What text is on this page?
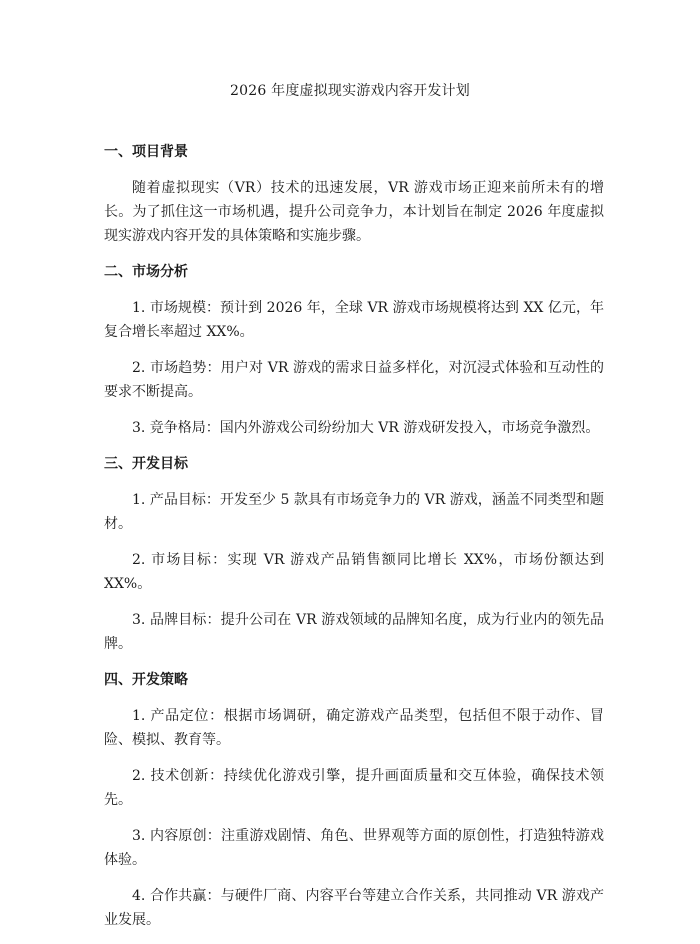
2026 年度虚拟现实游戏内容开发计划
一、项目背景

随着虚拟现实（VR）技术的迅速发展，VR 游戏市场正迎来前所未有的增长。为了抓住这一市场机遇，提升公司竞争力，本计划旨在制定 2026 年度虚拟现实游戏内容开发的具体策略和实施步骤。

二、市场分析

1. 市场规模：预计到 2026 年，全球 VR 游戏市场规模将达到 XX 亿元，年复合增长率超过 XX%。

2. 市场趋势：用户对 VR 游戏的需求日益多样化，对沉浸式体验和互动性的要求不断提高。

3. 竞争格局：国内外游戏公司纷纷加大 VR 游戏研发投入，市场竞争激烈。

三、开发目标

1. 产品目标：开发至少 5 款具有市场竞争力的 VR 游戏，涵盖不同类型和题材。

2. 市场目标：实现 VR 游戏产品销售额同比增长 XX%，市场份额达到 XX%。

3. 品牌目标：提升公司在 VR 游戏领域的品牌知名度，成为行业内的领先品牌。

四、开发策略

1. 产品定位：根据市场调研，确定游戏产品类型，包括但不限于动作、冒险、模拟、教育等。

2. 技术创新：持续优化游戏引擎，提升画面质量和交互体验，确保技术领先。

3. 内容原创：注重游戏剧情、角色、世界观等方面的原创性，打造独特游戏体验。

4. 合作共赢：与硬件厂商、内容平台等建立合作关系，共同推动 VR 游戏产业发展。
